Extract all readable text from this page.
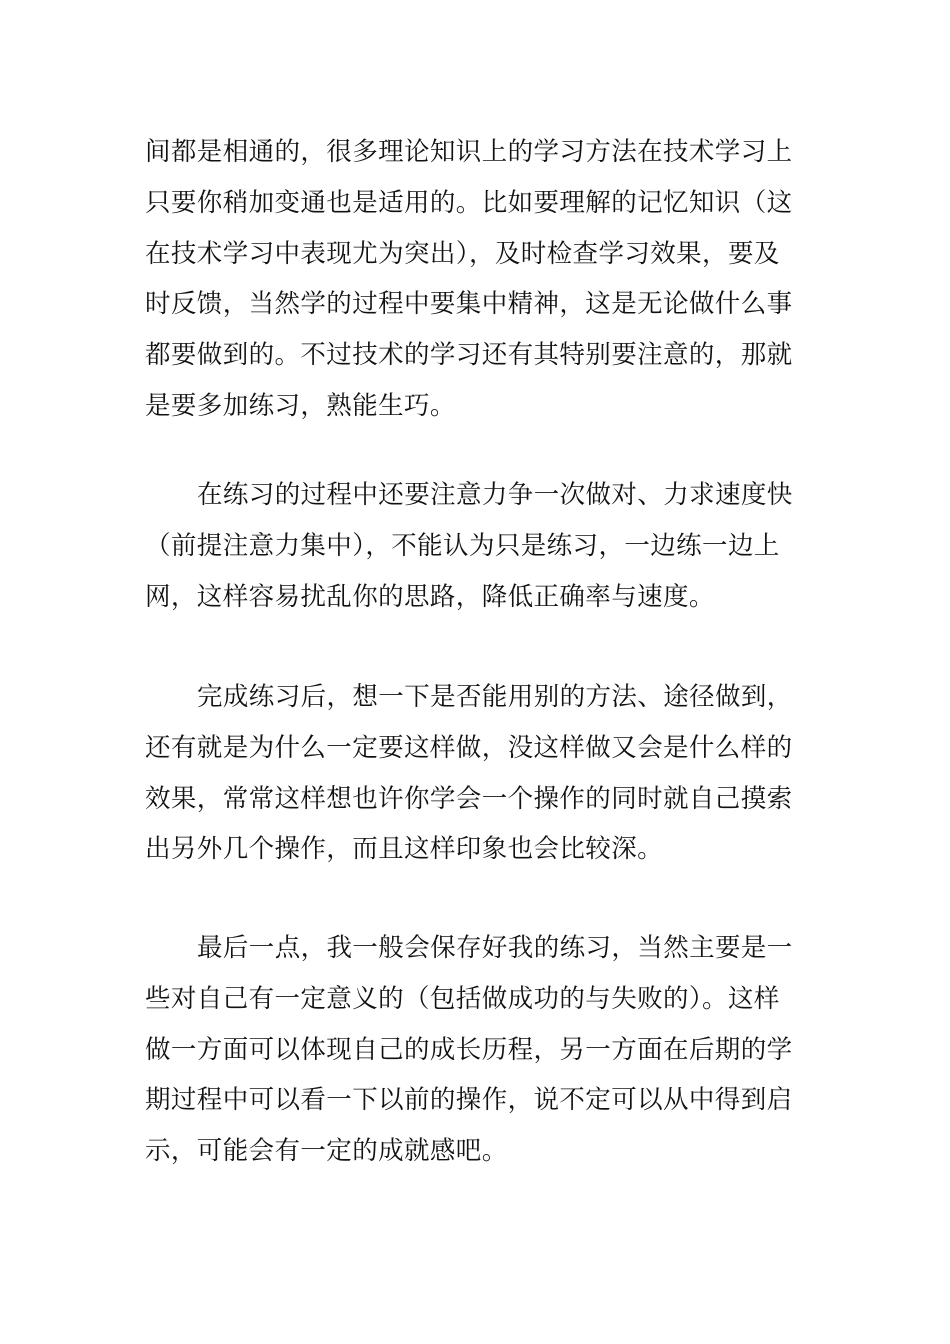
间都是相通的，很多理论知识上的学习方法在技术学习上
只要你稍加变通也是适用的。比如要理解的记忆知识（这
在技术学习中表现尤为突出），及时检查学习效果，要及
时反馈，当然学的过程中要集中精神，这是无论做什么事
都要做到的。不过技术的学习还有其特别要注意的，那就
是要多加练习，熟能生巧。
在练习的过程中还要注意力争一次做对、力求速度快
（前提注意力集中），不能认为只是练习，一边练一边上
网，这样容易扰乱你的思路，降低正确率与速度。
完成练习后，想一下是否能用别的方法、途径做到，
还有就是为什么一定要这样做，没这样做又会是什么样的
效果，常常这样想也许你学会一个操作的同时就自己摸索
出另外几个操作，而且这样印象也会比较深。
最后一点，我一般会保存好我的练习，当然主要是一
些对自己有一定意义的（包括做成功的与失败的）。这样
做一方面可以体现自己的成长历程，另一方面在后期的学
期过程中可以看一下以前的操作，说不定可以从中得到启
示，可能会有一定的成就感吧。
